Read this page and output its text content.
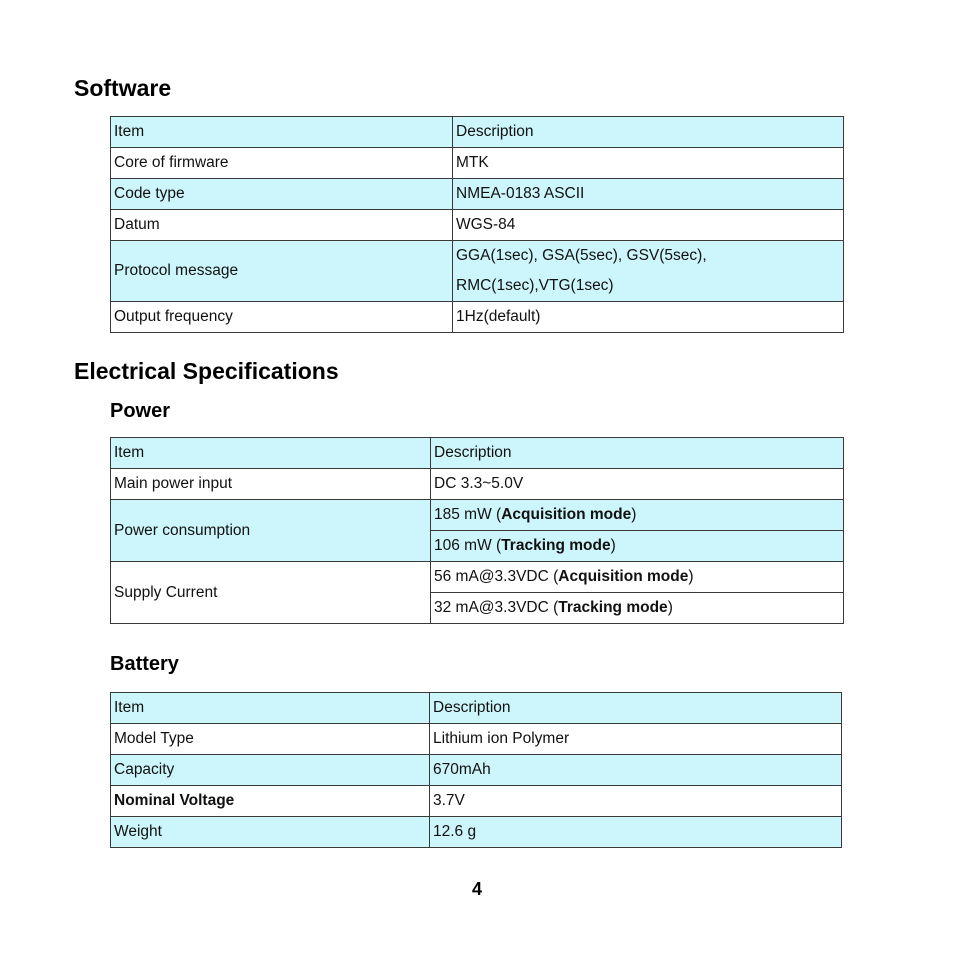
Software
Item	Description
Core of firmware	MTK
Code type	NMEA-0183 ASCII
Datum	WGS-84
Protocol message	GGA(1sec), GSA(5sec), GSV(5sec),
RMC(1sec),VTG(1sec)

Output frequency	1Hz(default)
Electrical Specifications
Power
Item	Description
Main power input	DC 3.3~5.0V
Power consumption	185 mW (Acquisition mode)
	106 mW (Tracking mode)
Supply Current	56 mA@3.3VDC (Acquisition mode)
	32 mA@3.3VDC (Tracking mode)
Battery
Item	Description
Model Type	Lithium ion Polymer
Capacity	670mAh
Nominal Voltage	3.7V
Weight	12.6 g
4
